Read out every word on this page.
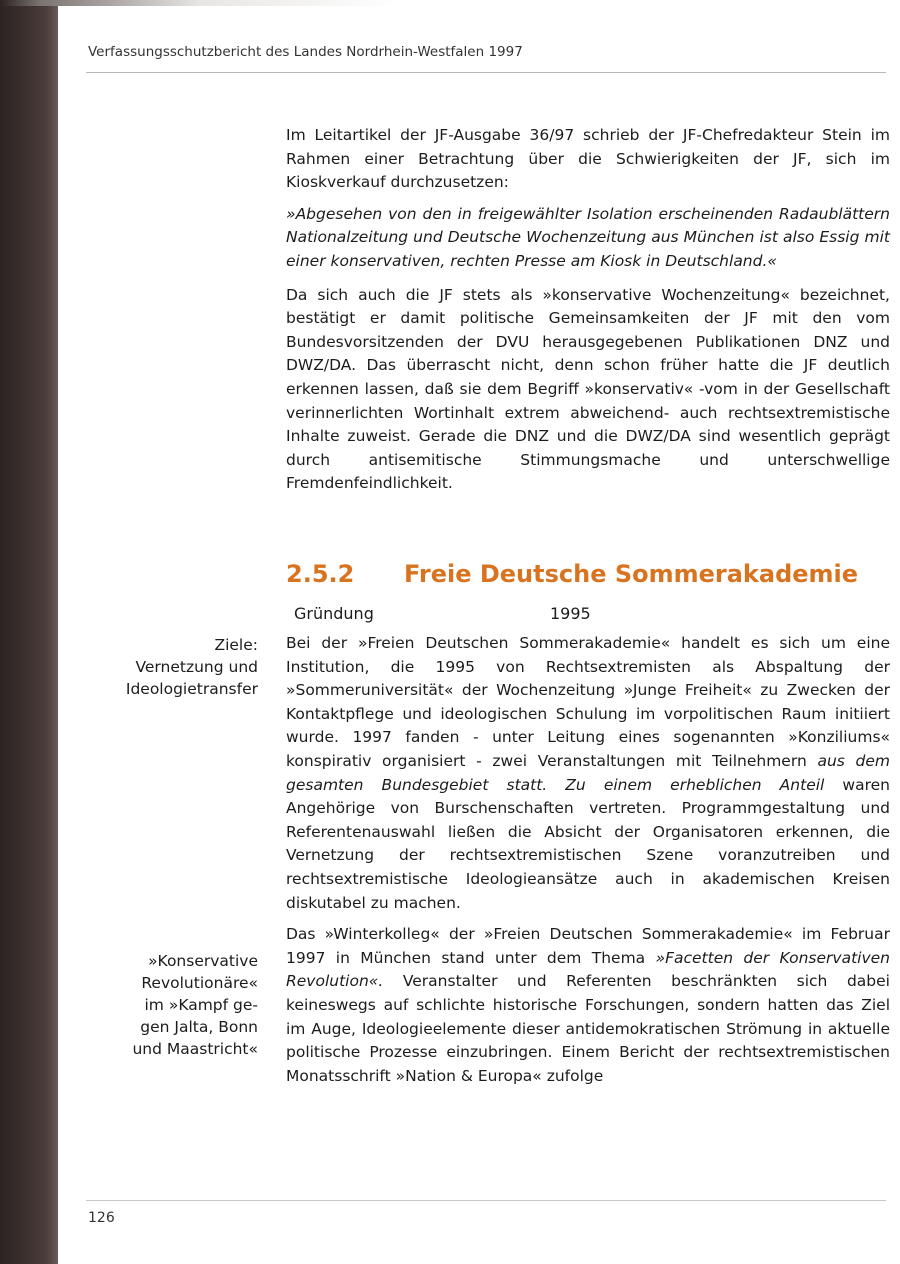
Verfassungsschutzbericht des Landes Nordrhein-Westfalen 1997

Im Leitartikel der JF-Ausgabe 36/97 schrieb der JF-Chefredakteur Stein im Rahmen einer Betrachtung über die Schwierigkeiten der JF, sich im Kioskverkauf durchzusetzen:

»Abgesehen von den in freigewählter Isolation erscheinenden Radaublättern Nationalzeitung und Deutsche Wochenzeitung aus München ist also Essig mit einer konservativen, rechten Presse am Kiosk in Deutschland.«

Da sich auch die JF stets als »konservative Wochenzeitung« bezeichnet, bestätigt er damit politische Gemeinsamkeiten der JF mit den vom Bundesvorsitzenden der DVU herausgegebenen Publikationen DNZ und DWZ/DA. Das überrascht nicht, denn schon früher hatte die JF deutlich erkennen lassen, daß sie dem Begriff »konservativ« -vom in der Gesellschaft verinnerlichten Wortinhalt extrem abweichend- auch rechtsextremistische Inhalte zuweist. Gerade die DNZ und die DWZ/DA sind wesentlich geprägt durch antisemitische Stimmungsmache und unterschwellige Fremdenfeindlichkeit.

2.5.2 Freie Deutsche Sommerakademie
Gründung	1995

Bei der »Freien Deutschen Sommerakademie« handelt es sich um eine Institution, die 1995 von Rechtsextremisten als Abspaltung der »Sommeruniversität« der Wochenzeitung »Junge Freiheit« zu Zwecken der Kontaktpflege und ideologischen Schulung im vorpolitischen Raum initiiert wurde. 1997 fanden - unter Leitung eines sogenannten »Konziliums« konspirativ organisiert - zwei Veranstaltungen mit Teilnehmern aus dem gesamten Bundesgebiet statt. Zu einem erheblichen Anteil waren Angehörige von Burschenschaften vertreten. Programmgestaltung und Referentenauswahl ließen die Absicht der Organisatoren erkennen, die Vernetzung der rechtsextremistischen Szene voranzutreiben und rechtsextremistische Ideologieansätze auch in akademischen Kreisen diskutabel zu machen.

Das »Winterkolleg« der »Freien Deutschen Sommerakademie« im Februar 1997 in München stand unter dem Thema »Facetten der Konservativen Revolution«. Veranstalter und Referenten beschränkten sich dabei keineswegs auf schlichte historische Forschungen, sondern hatten das Ziel im Auge, Ideologieelemente dieser antidemokratischen Strömung in aktuelle politische Prozesse einzubringen. Einem Bericht der rechtsextremistischen Monatsschrift »Nation & Europa« zufolge

Ziele:
Vernetzung und
Ideologietransfer
»Konservative
Revolutionäre«
im »Kampf ge-
gen Jalta, Bonn
und Maastricht«
126
